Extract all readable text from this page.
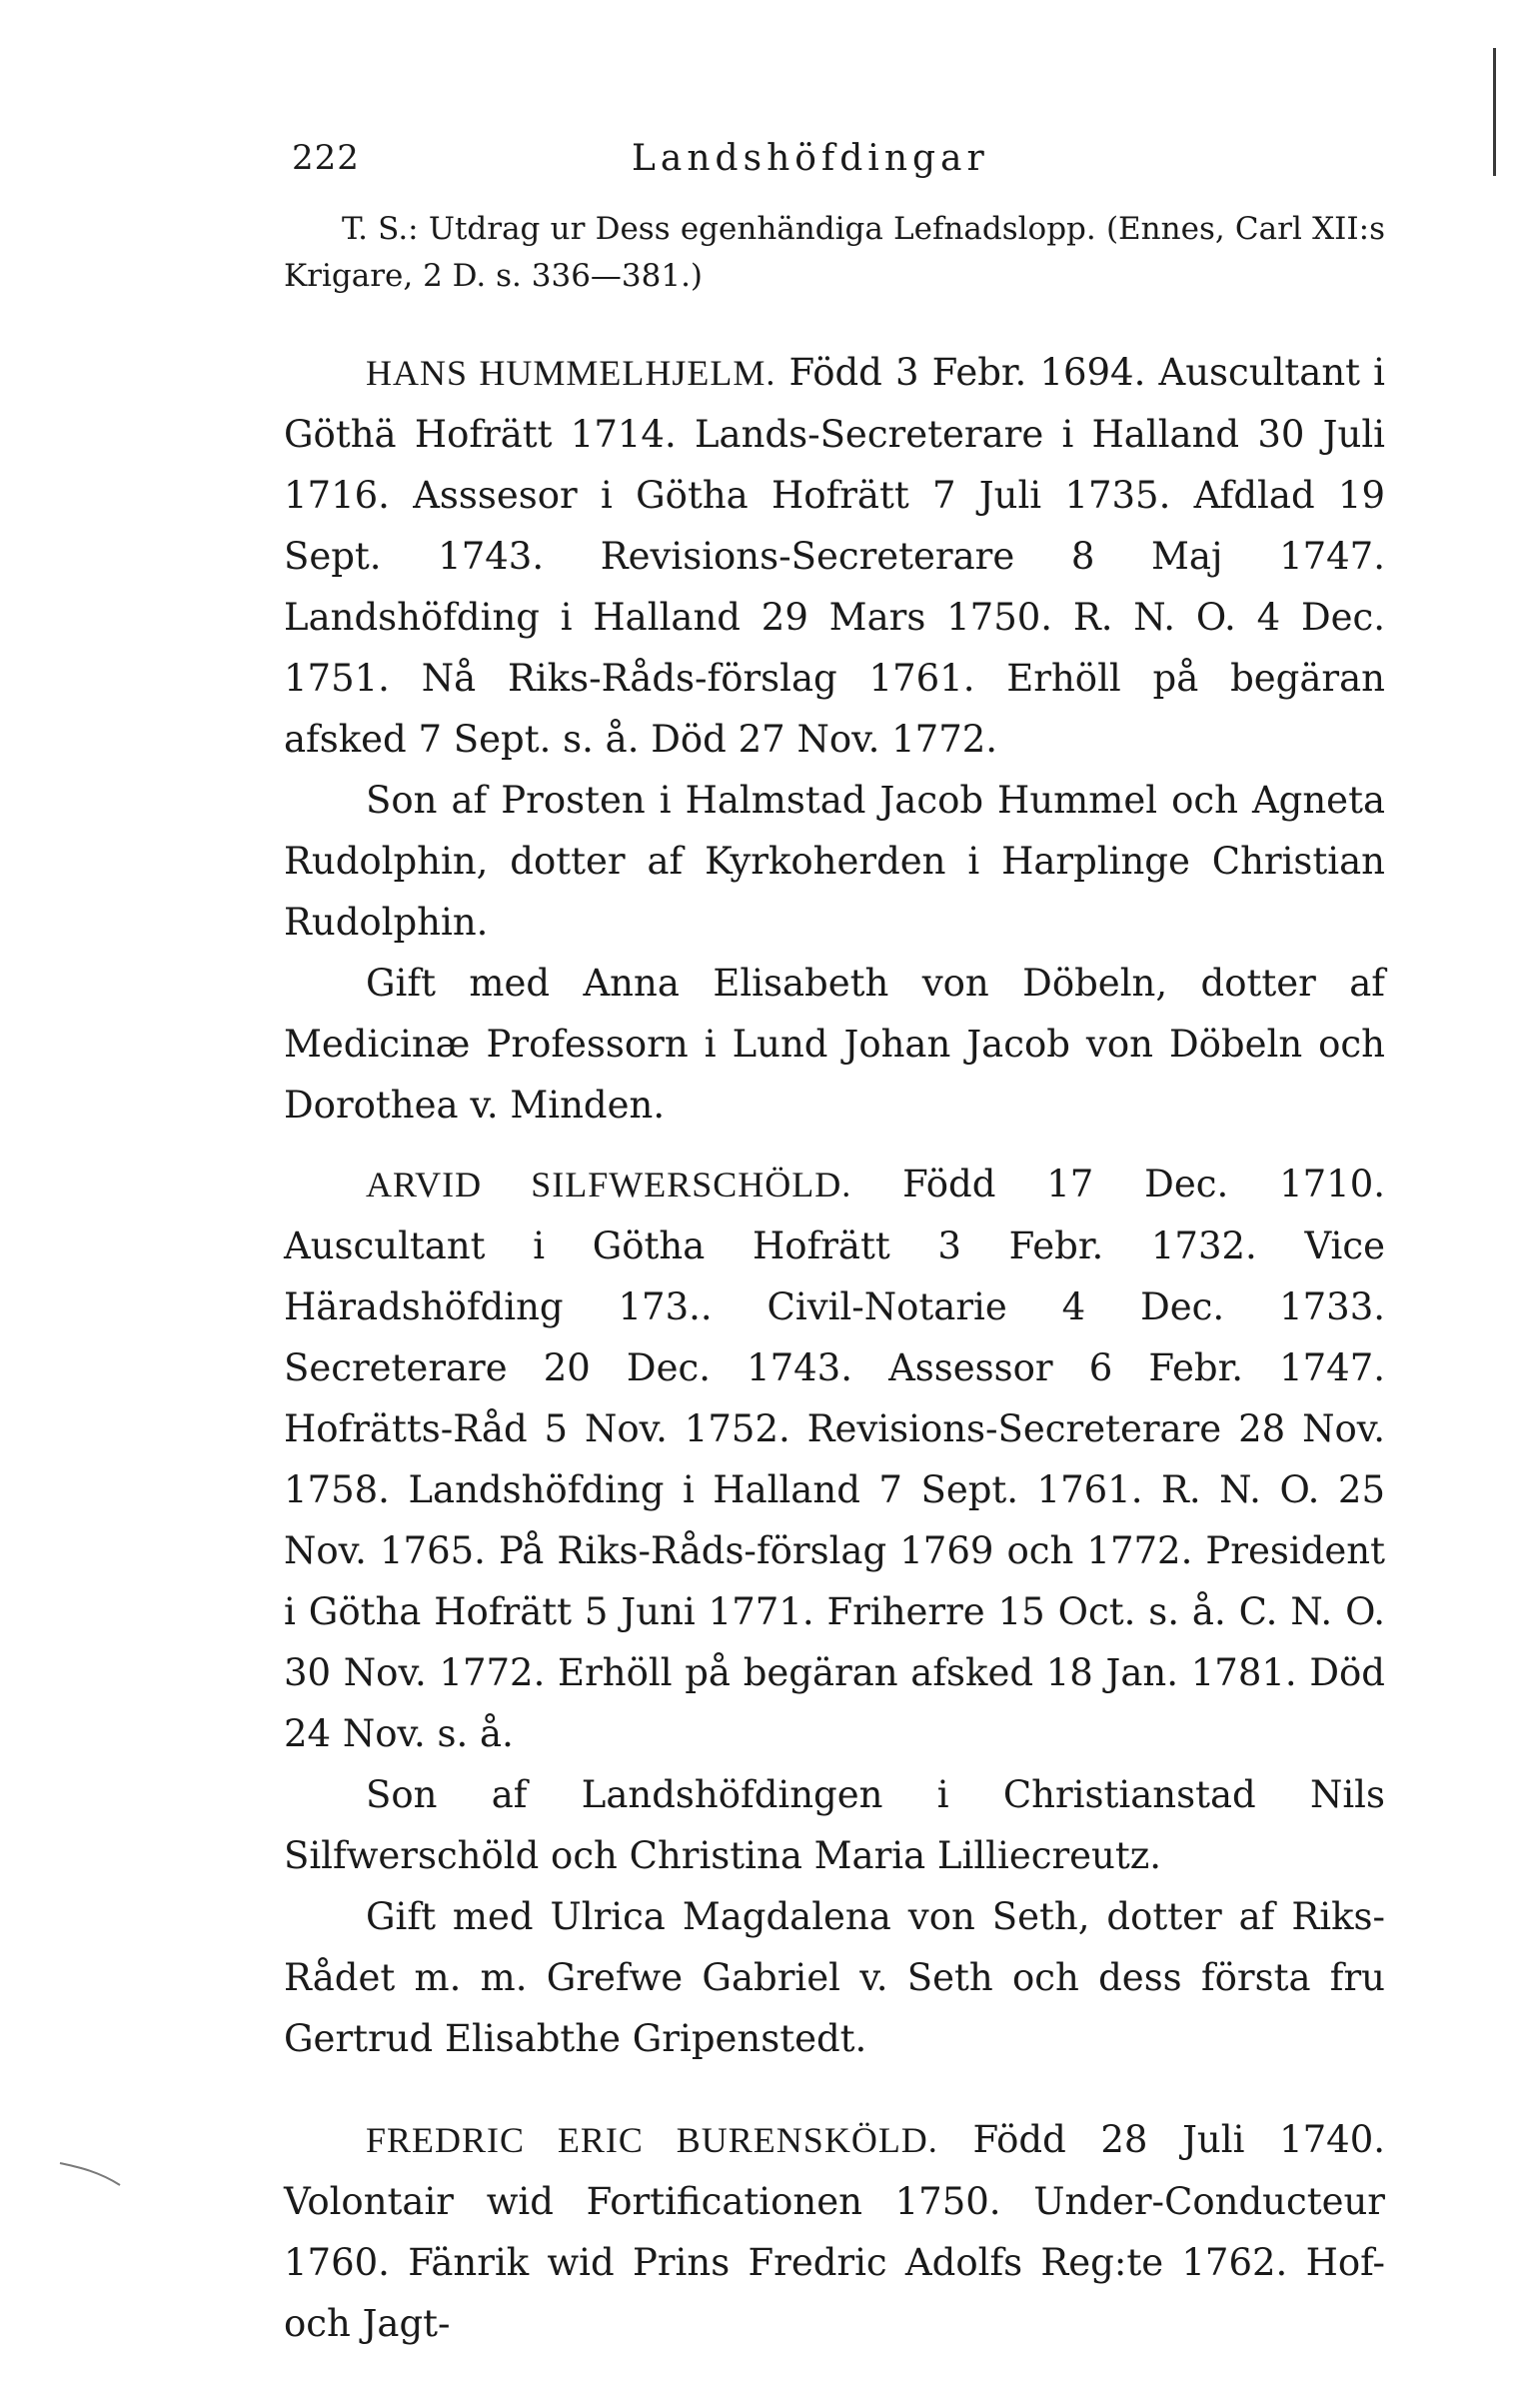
222	Landshöfdingar

T. S.: Utdrag ur Dess egenhändiga Lefnadslopp. (Ennes, Carl XII:s Krigare, 2 D. s. 336—381.)

HANS HUMMELHJELM. Född 3 Febr. 1694. Auscultant i Göthä Hofrätt 1714. Lands-Secreterare i Halland 30 Juli 1716. Asssesor i Götha Hofrätt 7 Juli 1735. Afdlad 19 Sept. 1743. Revisions-Secreterare 8 Maj 1747. Landshöfding i Halland 29 Mars 1750. R. N. O. 4 Dec. 1751. Nå Riks-Råds-förslag 1761. Erhöll på begäran afsked 7 Sept. s. å. Död 27 Nov. 1772.

Son af Prosten i Halmstad Jacob Hummel och Agneta Rudolphin, dotter af Kyrkoherden i Harplinge Christian Rudolphin.

Gift med Anna Elisabeth von Döbeln, dotter af Medicinæ Professorn i Lund Johan Jacob von Döbeln och Dorothea v. Minden.

ARVID SILFWERSCHÖLD. Född 17 Dec. 1710. Auscultant i Götha Hofrätt 3 Febr. 1732. Vice Häradshöfding 173.. Civil-Notarie 4 Dec. 1733. Secreterare 20 Dec. 1743. Assessor 6 Febr. 1747. Hofrätts-Råd 5 Nov. 1752. Revisions-Secreterare 28 Nov. 1758. Landshöfding i Halland 7 Sept. 1761. R. N. O. 25 Nov. 1765. På Riks-Råds-förslag 1769 och 1772. President i Götha Hofrätt 5 Juni 1771. Friherre 15 Oct. s. å. C. N. O. 30 Nov. 1772. Erhöll på begäran afsked 18 Jan. 1781. Död 24 Nov. s. å.

Son af Landshöfdingen i Christianstad Nils Silfwerschöld och Christina Maria Lilliecreutz.

Gift med Ulrica Magdalena von Seth, dotter af Riks-Rådet m. m. Grefwe Gabriel v. Seth och dess första fru Gertrud Elisabthe Gripenstedt.

FREDRIC ERIC BURENSKÖLD. Född 28 Juli 1740. Volontair wid Fortificationen 1750. Under-Conducteur 1760. Fänrik wid Prins Fredric Adolfs Reg:te 1762. Hof- och Jagt-
